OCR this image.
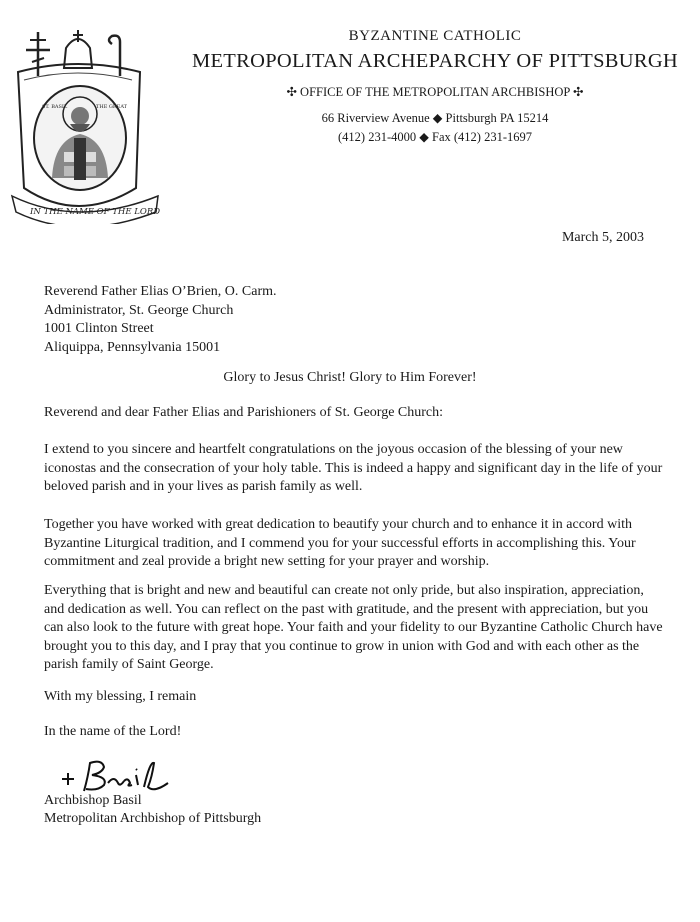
ST. BASIL	THE GREAT
IN THE NAME OF THE LORD
BYZANTINE CATHOLIC
METROPOLITAN ARCHEPARCHY OF PITTSBURGH
✣ OFFICE OF THE METROPOLITAN ARCHBISHOP ✣
66 Riverview Avenue ◆ Pittsburgh PA 15214
(412) 231-4000 ◆ Fax (412) 231-1697
March 5, 2003
Reverend Father Elias O’Brien, O. Carm.
Administrator, St. George Church
1001 Clinton Street
Aliquippa, Pennsylvania 15001
Glory to Jesus Christ! Glory to Him Forever!
Reverend and dear Father Elias and Parishioners of St. George Church:
I extend to you sincere and heartfelt congratulations on the joyous occasion of the blessing of your new iconostas and the consecration of your holy table. This is indeed a happy and significant day in the life of your beloved parish and in your lives as parish family as well.
Together you have worked with great dedication to beautify your church and to enhance it in accord with Byzantine Liturgical tradition, and I commend you for your successful efforts in accomplishing this. Your commitment and zeal provide a bright new setting for your prayer and worship.
Everything that is bright and new and beautiful can create not only pride, but also inspiration, appreciation, and dedication as well. You can reflect on the past with gratitude, and the present with appreciation, but you can also look to the future with great hope. Your faith and your fidelity to our Byzantine Catholic Church have brought you to this day, and I pray that you continue to grow in union with God and with each other as the parish family of Saint George.
With my blessing, I remain
In the name of the Lord!
Archbishop Basil
Metropolitan Archbishop of Pittsburgh
